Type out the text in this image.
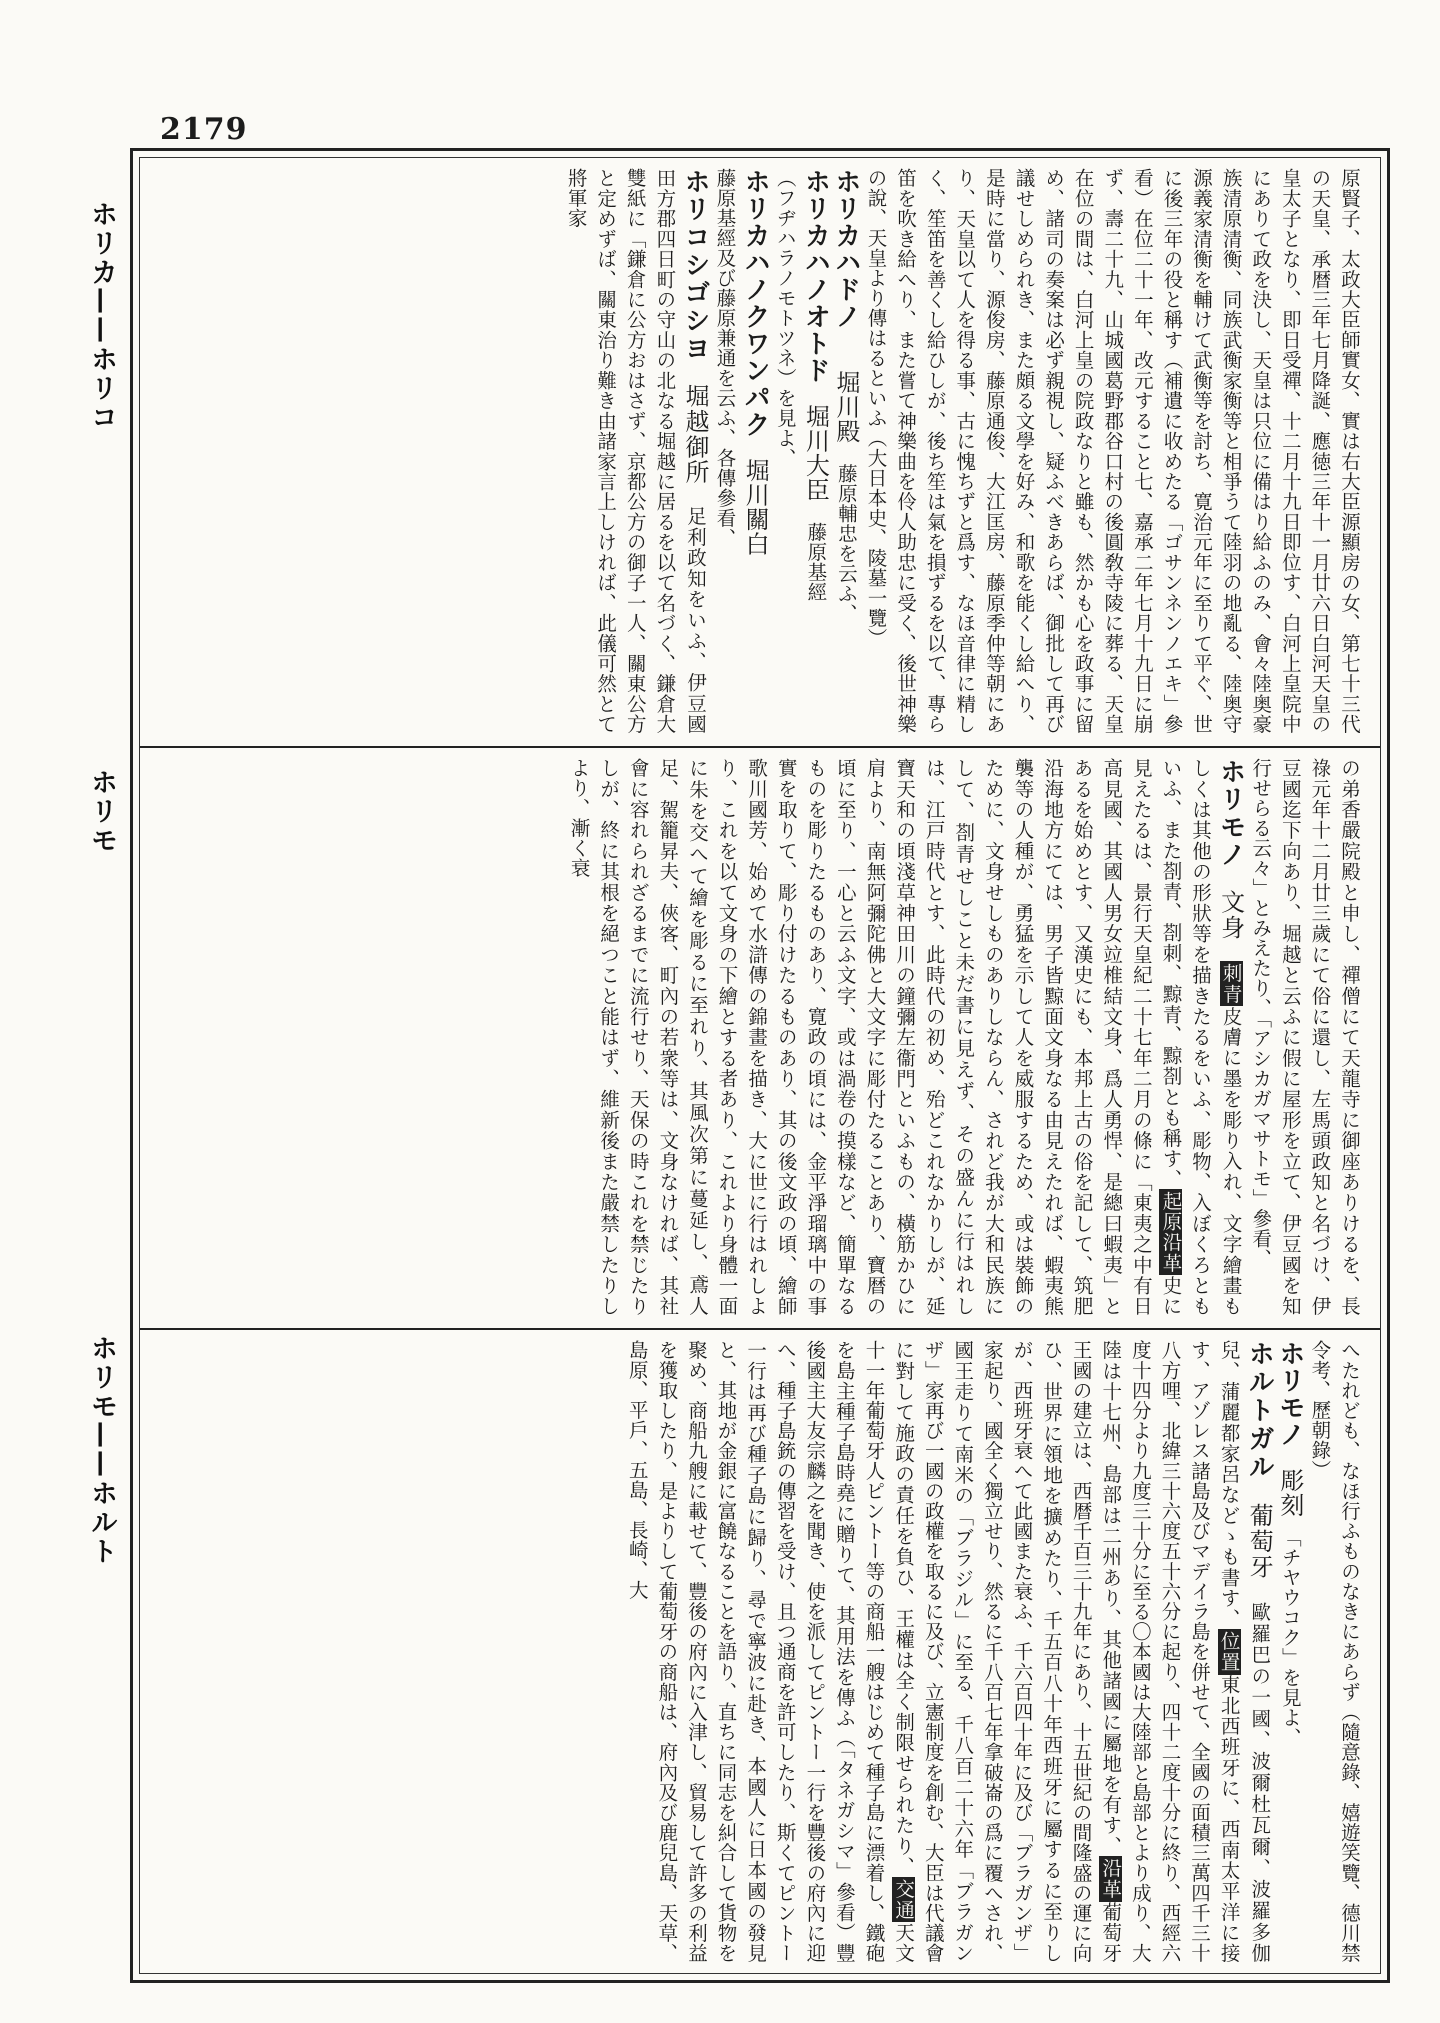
2179
ホリカ——ホリコ
ホリモ
ホリモ——ホルト

原賢子、太政大臣師實女、實は右大臣源顯房の女、第七十三代の天皇、承暦三年七月降誕、應徳三年十一月廿六日白河天皇の皇太子となり、即日受禪、十二月十九日即位す、白河上皇院中にありて政を決し、天皇は只位に備はり給ふのみ、會々陸奥豪族清原清衡、同族武衡家衡等と相爭うて陸羽の地亂る、陸奥守源義家清衡を輔けて武衡等を討ち、寛治元年に至りて平ぐ、世に後三年の役と稱す（補遺に收めたる「ゴサンネンノエキ」參看）在位二十一年、改元すること七、嘉承二年七月十九日に崩ず、壽二十九、山城國葛野郡谷口村の後圓敎寺陵に葬る、天皇在位の間は、白河上皇の院政なりと雖も、然かも心を政事に留め、諸司の奏案は必ず親視し、疑ふべきあらば、御批して再び議せしめられき、また頗る文學を好み、和歌を能くし給へり、是時に當り、源俊房、藤原通俊、大江匡房、藤原季仲等朝にあり、天皇以て人を得る事、古に愧ちずと爲す、なほ音律に精しく、笙笛を善くし給ひしが、後ち笙は氣を損ずるを以て、專ら笛を吹き給へり、また嘗て神樂曲を伶人助忠に受く、後世神樂の說、天皇より傳はるといふ（大日本史、陵墓一覽）

ホリカハドノ　　堀川殿　藤原輔忠を云ふ、

ホリカハノオトド　堀川大臣　藤原基經
（フヂハラノモトツネ）を見よ、

ホリカハノクワンパク　堀川關白
藤原基經及び藤原兼通を云ふ、各傳參看、

ホリコシゴシヨ　堀越御所　足利政知をいふ、伊豆國田方郡四日町の守山の北なる堀越に居るを以て名づく、鎌倉大雙紙に「鎌倉に公方おはさず、京都公方の御子一人、關東公方と定めずば、關東治り難き由諸家言上しければ、此儀可然とて將軍家

の弟香嚴院殿と申し、禪僧にて天龍寺に御座ありけるを、長祿元年十二月廿三歲にて俗に還し、左馬頭政知と名づけ、伊豆國迄下向あり、堀越と云ふに假に屋形を立て、伊豆國を知行せらる云々」とみえたり、「アシカガマサトモ」參看、

ホリモノ　文身　刺青皮膚に墨を彫り入れ、文字繪畫もしくは其他の形狀等を描きたるをいふ、彫物、入ぼくろともいふ、また剳青、剳刺、黥青、黥剳とも稱す、起原沿革史に見えたるは、景行天皇紀二十七年二月の條に「東夷之中有日高見國、其國人男女竝椎結文身、爲人勇悍、是總曰蝦夷」とあるを始めとす、又漢史にも、本邦上古の俗を記して、筑肥沿海地方にては、男子皆黥面文身なる由見えたれば、蝦夷熊襲等の人種が、勇猛を示して人を威服するため、或は裝飾のために、文身せしものありしならん、されど我が大和民族にして、剳青せしこと未だ書に見えず、その盛んに行はれしは、江戸時代とす、此時代の初め、殆どこれなかりしが、延寶天和の頃淺草神田川の鐘彌左衞門といふもの、橫筋かひに肩より、南無阿彌陀佛と大文字に彫付たることあり、寶暦の頃に至り、一心と云ふ文字、或は渦卷の摸樣など、簡單なるものを彫りたるものあり、寛政の頃には、金平淨瑠璃中の事實を取りて、彫り付けたるものあり、其の後文政の頃、繪師歌川國芳、始めて水滸傳の錦畫を描き、大に世に行はれしより、これを以て文身の下繪とする者あり、これより身體一面に朱を交へて繪を彫るに至れり、其風次第に蔓延し、鳶人足、駕籠昇夫、俠客、町內の若衆等は、文身なければ、其社會に容れられざるまでに流行せり、天保の時これを禁じたりしが、終に其根を絕つこと能はず、維新後また嚴禁したりしより、漸く衰

へたれども、なほ行ふものなきにあらず（隨意錄、嬉遊笑覽、德川禁令考、歷朝錄）

ホリモノ　彫刻　「チヤウコク」を見よ、

ホルトガル　葡萄牙　歐羅巴の一國、波爾杜瓦爾、波羅多伽兒、蒲麗都家呂などゝも書す、位置東北西班牙に、西南太平洋に接す、アゾレス諸島及びマデイラ島を併せて、全國の面積三萬四千三十八方哩、北緯三十六度五十六分に起り、四十二度十分に終り、西經六度十四分より九度三十分に至る〇本國は大陸部と島部とより成り、大陸は十七州、島部は二州あり、其他諸國に屬地を有す、沿革葡萄牙王國の建立は、西暦千百三十九年にあり、十五世紀の間隆盛の運に向ひ、世界に領地を擴めたり、千五百八十年西班牙に屬するに至りしが、西班牙衰へて此國また衰ふ、千六百四十年に及び「ブラガンザ」家起り、國全く獨立せり、然るに千八百七年拿破崙の爲に覆へされ、國王走りて南米の「ブラジル」に至る、千八百二十六年「ブラガンザ」家再び一國の政權を取るに及び、立憲制度を創む、大臣は代議會に對して施政の責任を負ひ、王權は全く制限せられたり、交通天文十一年葡萄牙人ピントー等の商船一艘はじめて種子島に漂着し、鐵砲を島主種子島時堯に贈りて、其用法を傳ふ（「タネガシマ」參看）豐後國主大友宗麟之を聞き、使を派してピントー一行を豐後の府內に迎へ、種子島銃の傳習を受け、且つ通商を許可したり、斯くてピントー一行は再び種子島に歸り、尋で寧波に赴き、本國人に日本國の發見と、其地が金銀に富饒なることを語り、直ちに同志を糾合して貨物を聚め、商船九艘に載せて、豐後の府內に入津し、貿易して許多の利益を獲取したり、是よりして葡萄牙の商船は、府內及び鹿兒島、天草、島原、平戶、五島、長崎、大
